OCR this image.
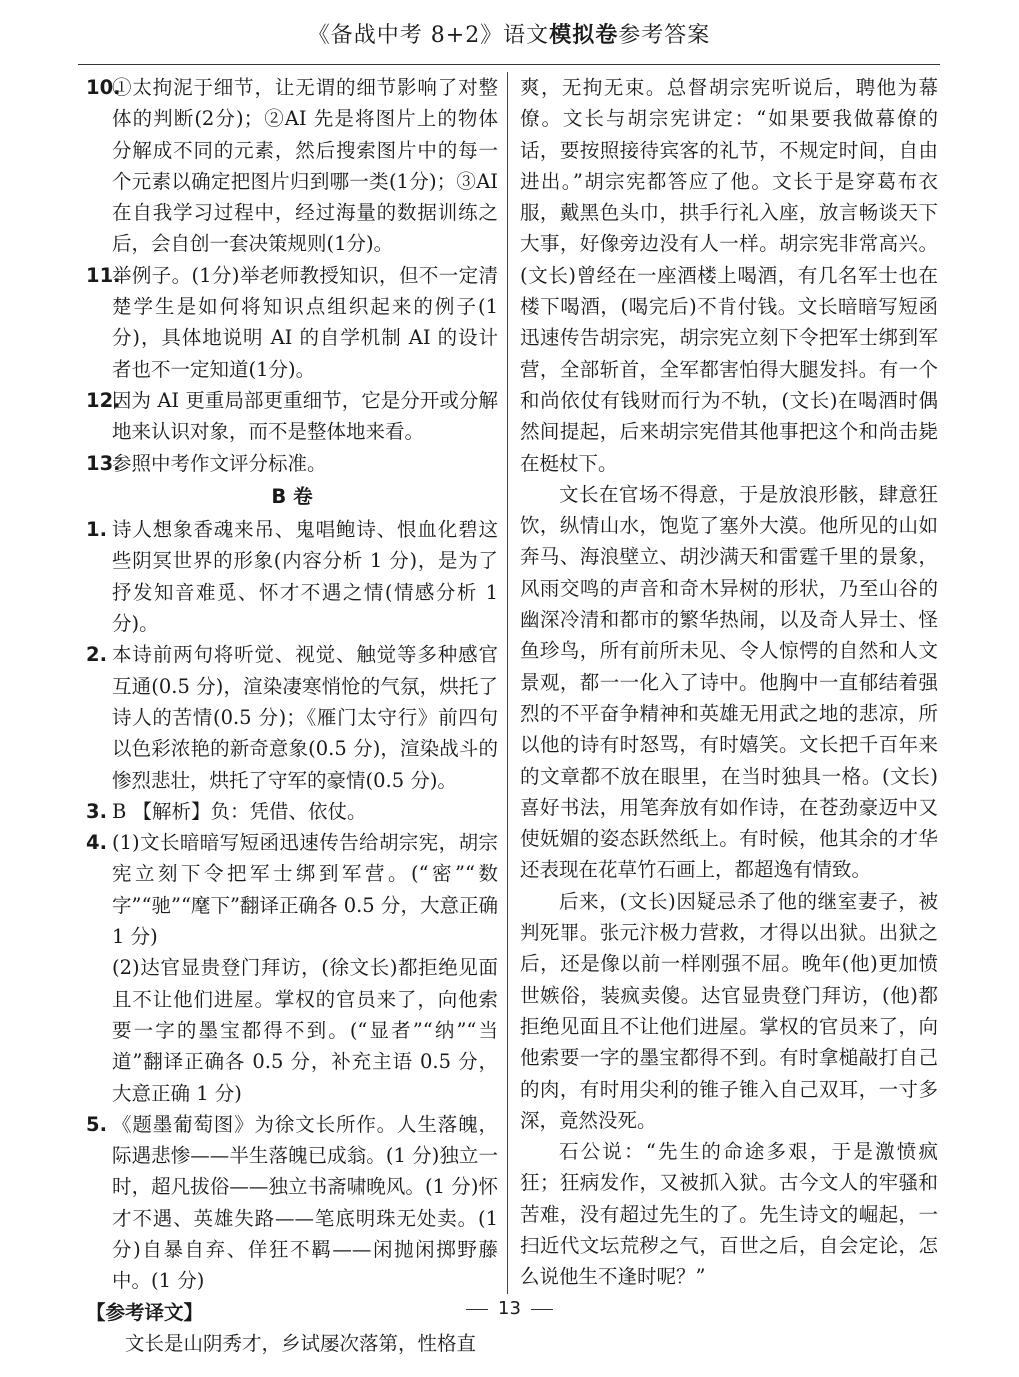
《备战中考 8+2》语文模拟卷参考答案
10.
①太拘泥于细节，让无谓的细节影响了对整体的判断(2分)；②AI 先是将图片上的物体分解成不同的元素，然后搜索图片中的每一个元素以确定把图片归到哪一类(1分)；③AI在自我学习过程中，经过海量的数据训练之后，会自创一套决策规则(1分)。
11.
举例子。(1分)举老师教授知识，但不一定清楚学生是如何将知识点组织起来的例子(1分)，具体地说明 AI 的自学机制 AI 的设计者也不一定知道(1分)。
12.
因为 AI 更重局部更重细节，它是分开或分解地来认识对象，而不是整体地来看。
13.
参照中考作文评分标准。
B 卷
1. 诗人想象香魂来吊、鬼唱鲍诗、恨血化碧这些阴冥世界的形象(内容分析 1 分)，是为了抒发知音难觅、怀才不遇之情(情感分析 1 分)。
2. 本诗前两句将听觉、视觉、触觉等多种感官互通(0.5 分)，渲染凄寒悄怆的气氛，烘托了诗人的苦情(0.5 分)；《雁门太守行》前四句以色彩浓艳的新奇意象(0.5 分)，渲染战斗的惨烈悲壮，烘托了守军的豪情(0.5 分)。
3. B 【解析】负：凭借、依仗。
4. (1)文长暗暗写短函迅速传告给胡宗宪，胡宗宪立刻下令把军士绑到军营。(“密”“数字”“驰”“麾下”翻译正确各 0.5 分，大意正确 1 分)
(2)达官显贵登门拜访，(徐文长)都拒绝见面且不让他们进屋。掌权的官员来了，向他索要一字的墨宝都得不到。(“显者”“纳”“当道”翻译正确各 0.5 分，补充主语 0.5 分，大意正确 1 分)
5. 《题墨葡萄图》为徐文长所作。人生落魄，际遇悲惨——半生落魄已成翁。(1 分)独立一时，超凡拔俗——独立书斋啸晚风。(1 分)怀才不遇、英雄失路——笔底明珠无处卖。(1 分)自暴自弃、佯狂不羁——闲抛闲掷野藤中。(1 分)
【参考译文】
文长是山阴秀才，乡试屡次落第，性格直
爽，无拘无束。总督胡宗宪听说后，聘他为幕僚。文长与胡宗宪讲定：“如果要我做幕僚的话，要按照接待宾客的礼节，不规定时间，自由进出。”胡宗宪都答应了他。文长于是穿葛布衣服，戴黑色头巾，拱手行礼入座，放言畅谈天下大事，好像旁边没有人一样。胡宗宪非常高兴。(文长)曾经在一座酒楼上喝酒，有几名军士也在楼下喝酒，(喝完后)不肯付钱。文长暗暗写短函迅速传告胡宗宪，胡宗宪立刻下令把军士绑到军营，全部斩首，全军都害怕得大腿发抖。有一个和尚依仗有钱财而行为不轨，(文长)在喝酒时偶然间提起，后来胡宗宪借其他事把这个和尚击毙在梃杖下。
文长在官场不得意，于是放浪形骸，肆意狂饮，纵情山水，饱览了塞外大漠。他所见的山如奔马、海浪壁立、胡沙满天和雷霆千里的景象，风雨交鸣的声音和奇木异树的形状，乃至山谷的幽深冷清和都市的繁华热闹，以及奇人异士、怪鱼珍鸟，所有前所未见、令人惊愕的自然和人文景观，都一一化入了诗中。他胸中一直郁结着强烈的不平奋争精神和英雄无用武之地的悲凉，所以他的诗有时怒骂，有时嬉笑。文长把千百年来的文章都不放在眼里，在当时独具一格。(文长)喜好书法，用笔奔放有如作诗，在苍劲豪迈中又使妩媚的姿态跃然纸上。有时候，他其余的才华还表现在花草竹石画上，都超逸有情致。
后来，(文长)因疑忌杀了他的继室妻子，被判死罪。张元汴极力营救，才得以出狱。出狱之后，还是像以前一样刚强不屈。晚年(他)更加愤世嫉俗，装疯卖傻。达官显贵登门拜访，(他)都拒绝见面且不让他们进屋。掌权的官员来了，向他索要一字的墨宝都得不到。有时拿槌敲打自己的肉，有时用尖利的锥子锥入自己双耳，一寸多深，竟然没死。
石公说：“先生的命途多艰，于是激愤疯狂；狂病发作，又被抓入狱。古今文人的牢骚和苦难，没有超过先生的了。先生诗文的崛起，一扫近代文坛荒秽之气，百世之后，自会定论，怎么说他生不逢时呢？”
13
